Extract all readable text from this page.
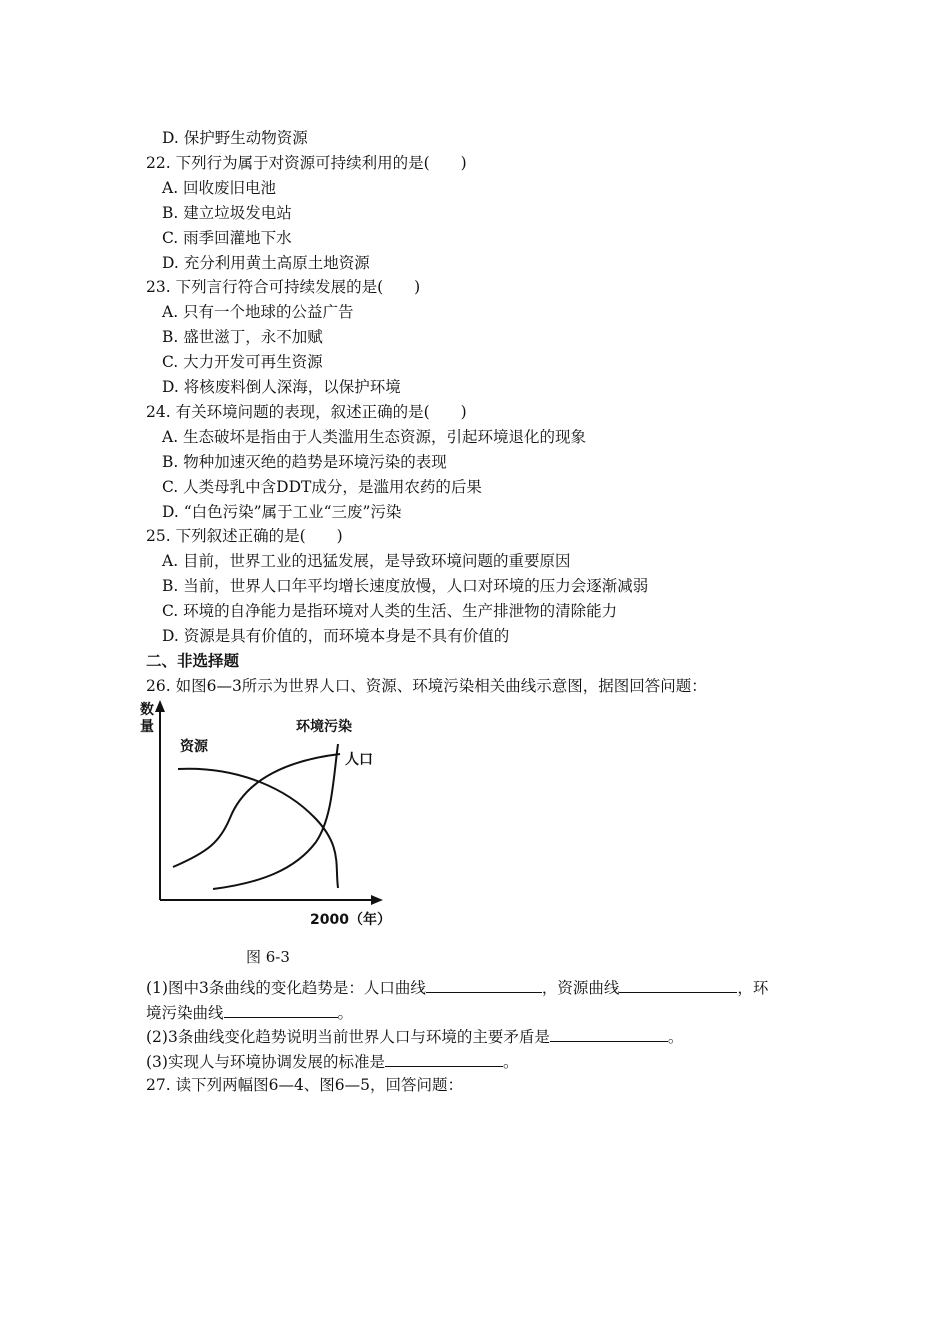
D. 保护野生动物资源
22. 下列行为属于对资源可持续利用的是(　　)
A. 回收废旧电池
B. 建立垃圾发电站
C. 雨季回灌地下水
D. 充分利用黄土高原土地资源
23. 下列言行符合可持续发展的是(　　)
A. 只有一个地球的公益广告
B. 盛世滋丁，永不加赋
C. 大力开发可再生资源
D. 将核废料倒人深海，以保护环境
24. 有关环境问题的表现，叙述正确的是(　　)
A. 生态破坏是指由于人类滥用生态资源，引起环境退化的现象
B. 物种加速灭绝的趋势是环境污染的表现
C. 人类母乳中含DDT成分，是滥用农药的后果
D. “白色污染”属于工业“三废”污染
25. 下列叙述正确的是(　　)
A. 目前，世界工业的迅猛发展，是导致环境问题的重要原因
B. 当前，世界人口年平均增长速度放慢，人口对环境的压力会逐渐减弱
C. 环境的自净能力是指环境对人类的生活、生产排泄物的清除能力
D. 资源是具有价值的，而环境本身是不具有价值的
二、非选择题
26. 如图6—3所示为世界人口、资源、环境污染相关曲线示意图，据图回答问题：
数
量
资源
环境污染
人口
2000（年）
图 6-3
(1)图中3条曲线的变化趋势是：人口曲线	，资源曲线	，环
境污染曲线	。
(2)3条曲线变化趋势说明当前世界人口与环境的主要矛盾是	。
(3)实现人与环境协调发展的标准是	。
27. 读下列两幅图6—4、图6—5，回答问题：
